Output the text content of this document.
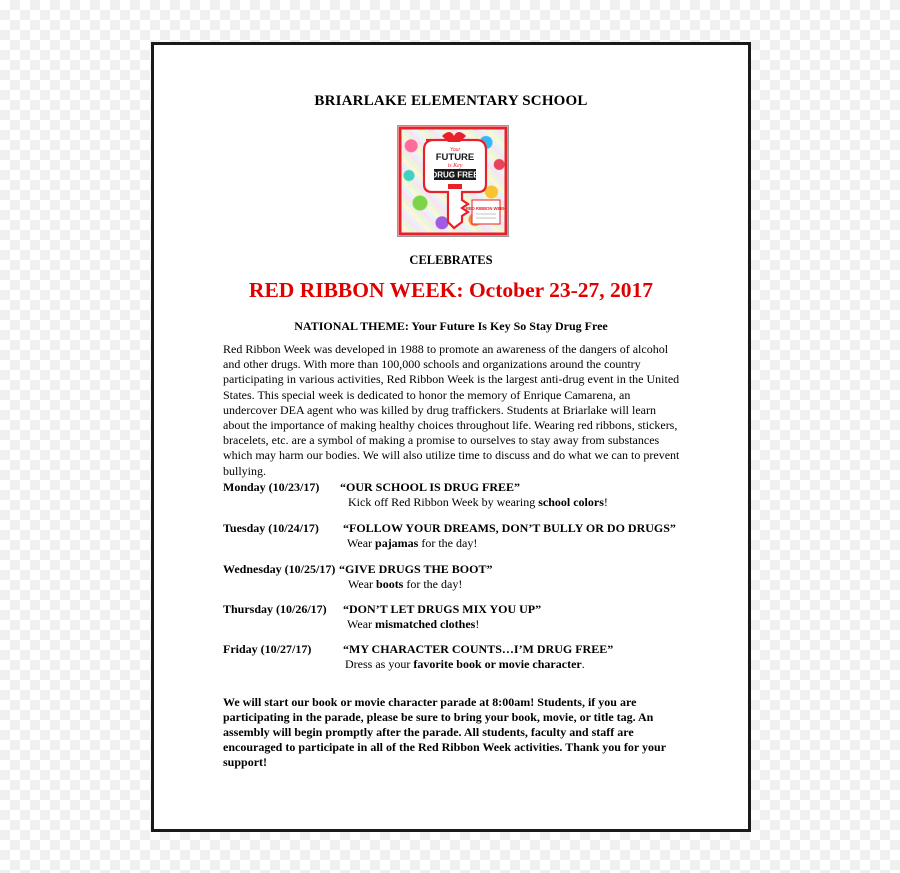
BRIARLAKE ELEMENTARY SCHOOL
RED RIBBON WEEK
Your
FUTURE
is Key
DRUG FREE
CELEBRATES
RED RIBBON WEEK: October 23-27, 2017
NATIONAL THEME: Your Future Is Key So Stay Drug Free
Red Ribbon Week was developed in 1988 to promote an awareness of the dangers of alcohol and other drugs. With more than 100,000 schools and organizations around the country participating in various activities, Red Ribbon Week is the largest anti-drug event in the United States. This special week is dedicated to honor the memory of Enrique Camarena, an undercover DEA agent who was killed by drug traffickers. Students at Briarlake will learn about the importance of making healthy choices throughout life. Wearing red ribbons, stickers, bracelets, etc. are a symbol of making a promise to ourselves to stay away from substances which may harm our bodies. We will also utilize time to discuss and do what we can to prevent bullying.
Monday (10/23/17) “OUR SCHOOL IS DRUG FREE”
Kick off Red Ribbon Week by wearing school colors!
Tuesday (10/24/17) “FOLLOW YOUR DREAMS, DON’T BULLY OR DO DRUGS”
Wear pajamas for the day!
Wednesday (10/25/17) “GIVE DRUGS THE BOOT”
Wear boots for the day!
Thursday (10/26/17) “DON’T LET DRUGS MIX YOU UP”
Wear mismatched clothes!
Friday (10/27/17)	“MY CHARACTER COUNTS…I’M DRUG FREE”
Dress as your favorite book or movie character.
We will start our book or movie character parade at 8:00am! Students, if you are participating in the parade, please be sure to bring your book, movie, or title tag. An assembly will begin promptly after the parade. All students, faculty and staff are encouraged to participate in all of the Red Ribbon Week activities. Thank you for your support!
